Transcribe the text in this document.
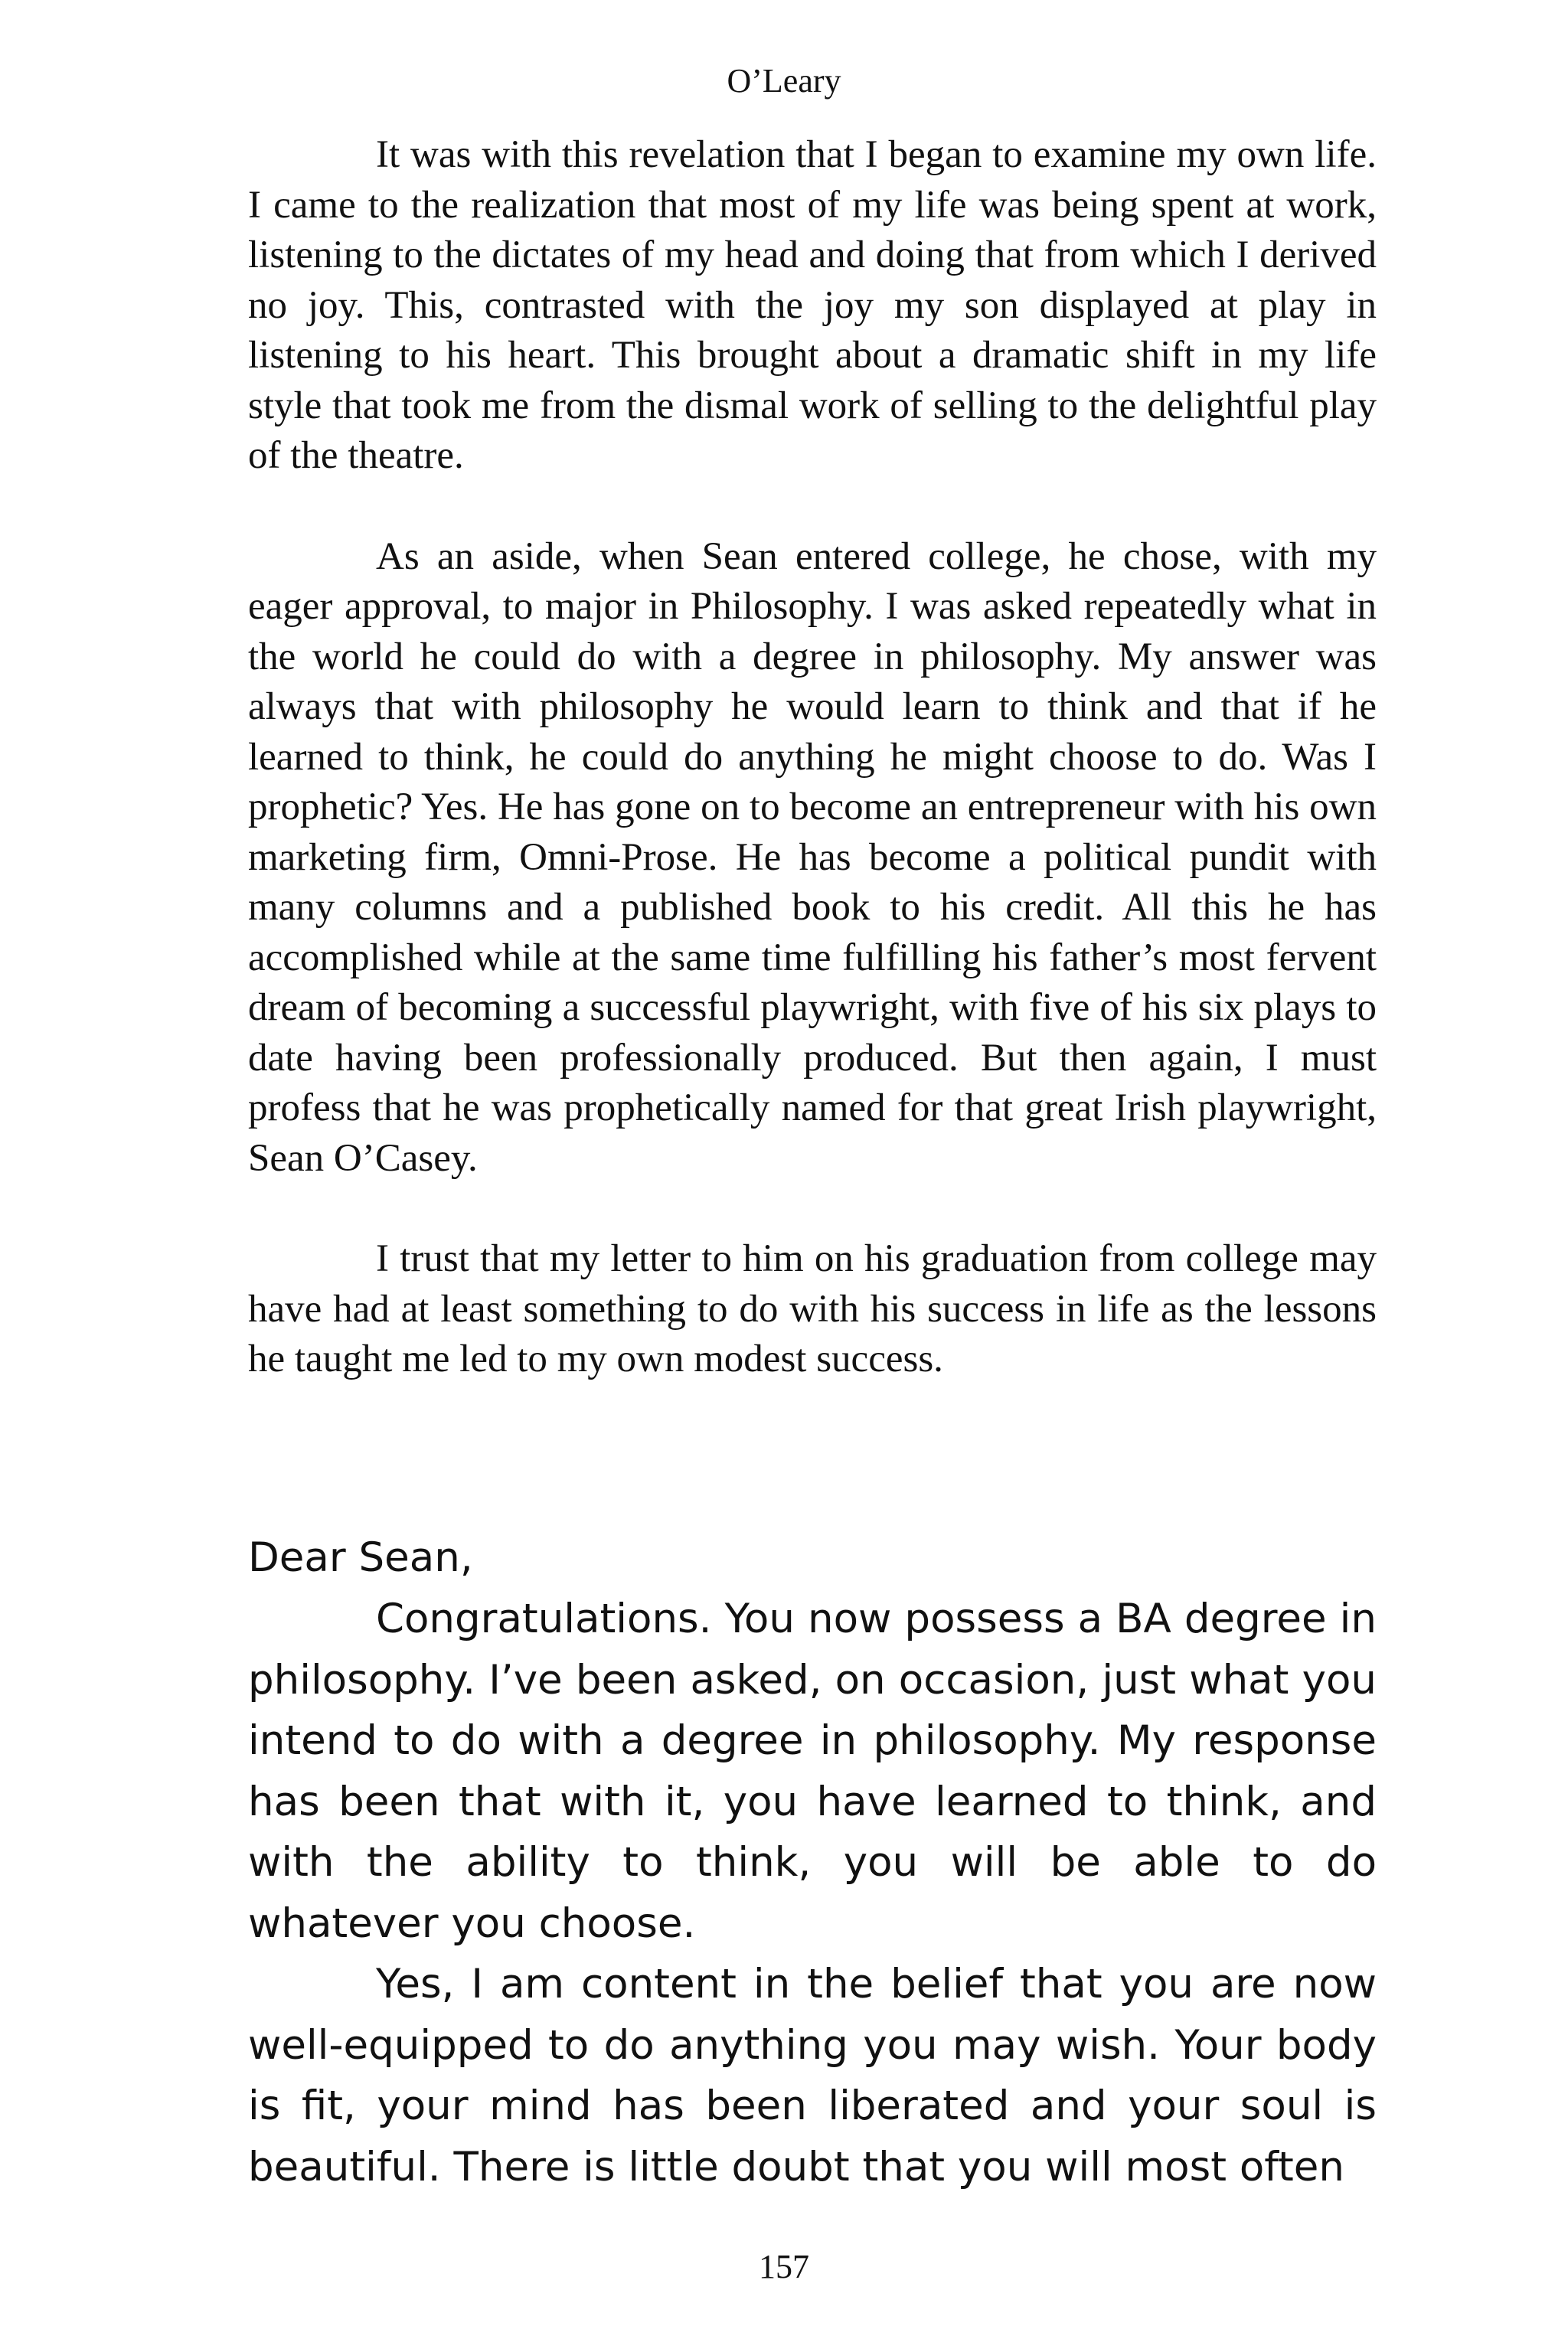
O’Leary

It was with this revelation that I began to examine my own life. I came to the realization that most of my life was being spent at work, listening to the dictates of my head and doing that from which I derived no joy. This, contrasted with the joy my son displayed at play in listening to his heart. This brought about a dramatic shift in my life style that took me from the dismal work of selling to the delightful play of the theatre.

As an aside, when Sean entered college, he chose, with my eager approval, to major in Philosophy. I was asked repeatedly what in the world he could do with a degree in philosophy. My answer was always that with philosophy he would learn to think and that if he learned to think, he could do anything he might choose to do. Was I prophetic? Yes. He has gone on to become an entrepreneur with his own marketing firm, Omni-Prose. He has become a political pundit with many columns and a published book to his credit. All this he has accomplished while at the same time fulfilling his father’s most fervent dream of becoming a successful playwright, with five of his six plays to date having been professionally produced. But then again, I must profess that he was prophetically named for that great Irish playwright, Sean O’Casey.

I trust that my letter to him on his graduation from college may have had at least something to do with his success in life as the lessons he taught me led to my own modest success.

Dear Sean,

Congratulations. You now possess a BA degree in philosophy. I’ve been asked, on occasion, just what you intend to do with a degree in philosophy. My response has been that with it, you have learned to think, and with the ability to think, you will be able to do whatever you choose.

Yes, I am content in the belief that you are now well-equipped to do anything you may wish. Your body is fit, your mind has been liberated and your soul is beautiful. There is little doubt that you will most often

157
